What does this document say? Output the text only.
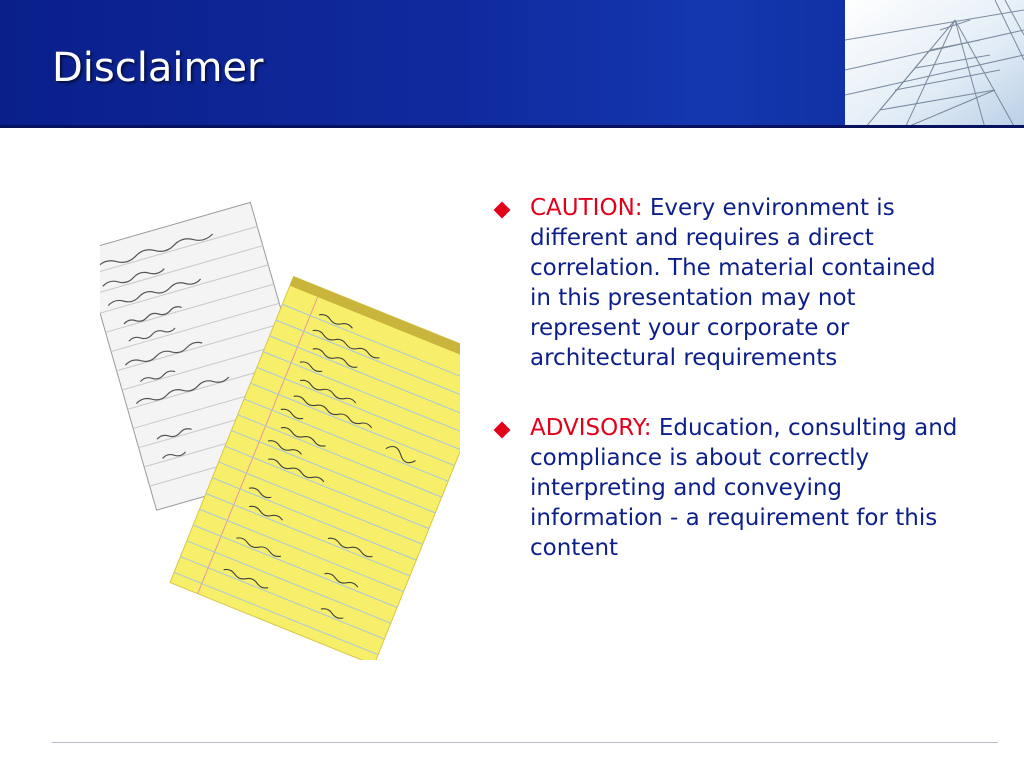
Disclaimer
CAUTION: Every environment is different and requires a direct correlation. The material contained in this presentation may not represent your corporate or architectural requirements
ADVISORY: Education, consulting and compliance is about correctly interpreting and conveying information - a requirement for this content
